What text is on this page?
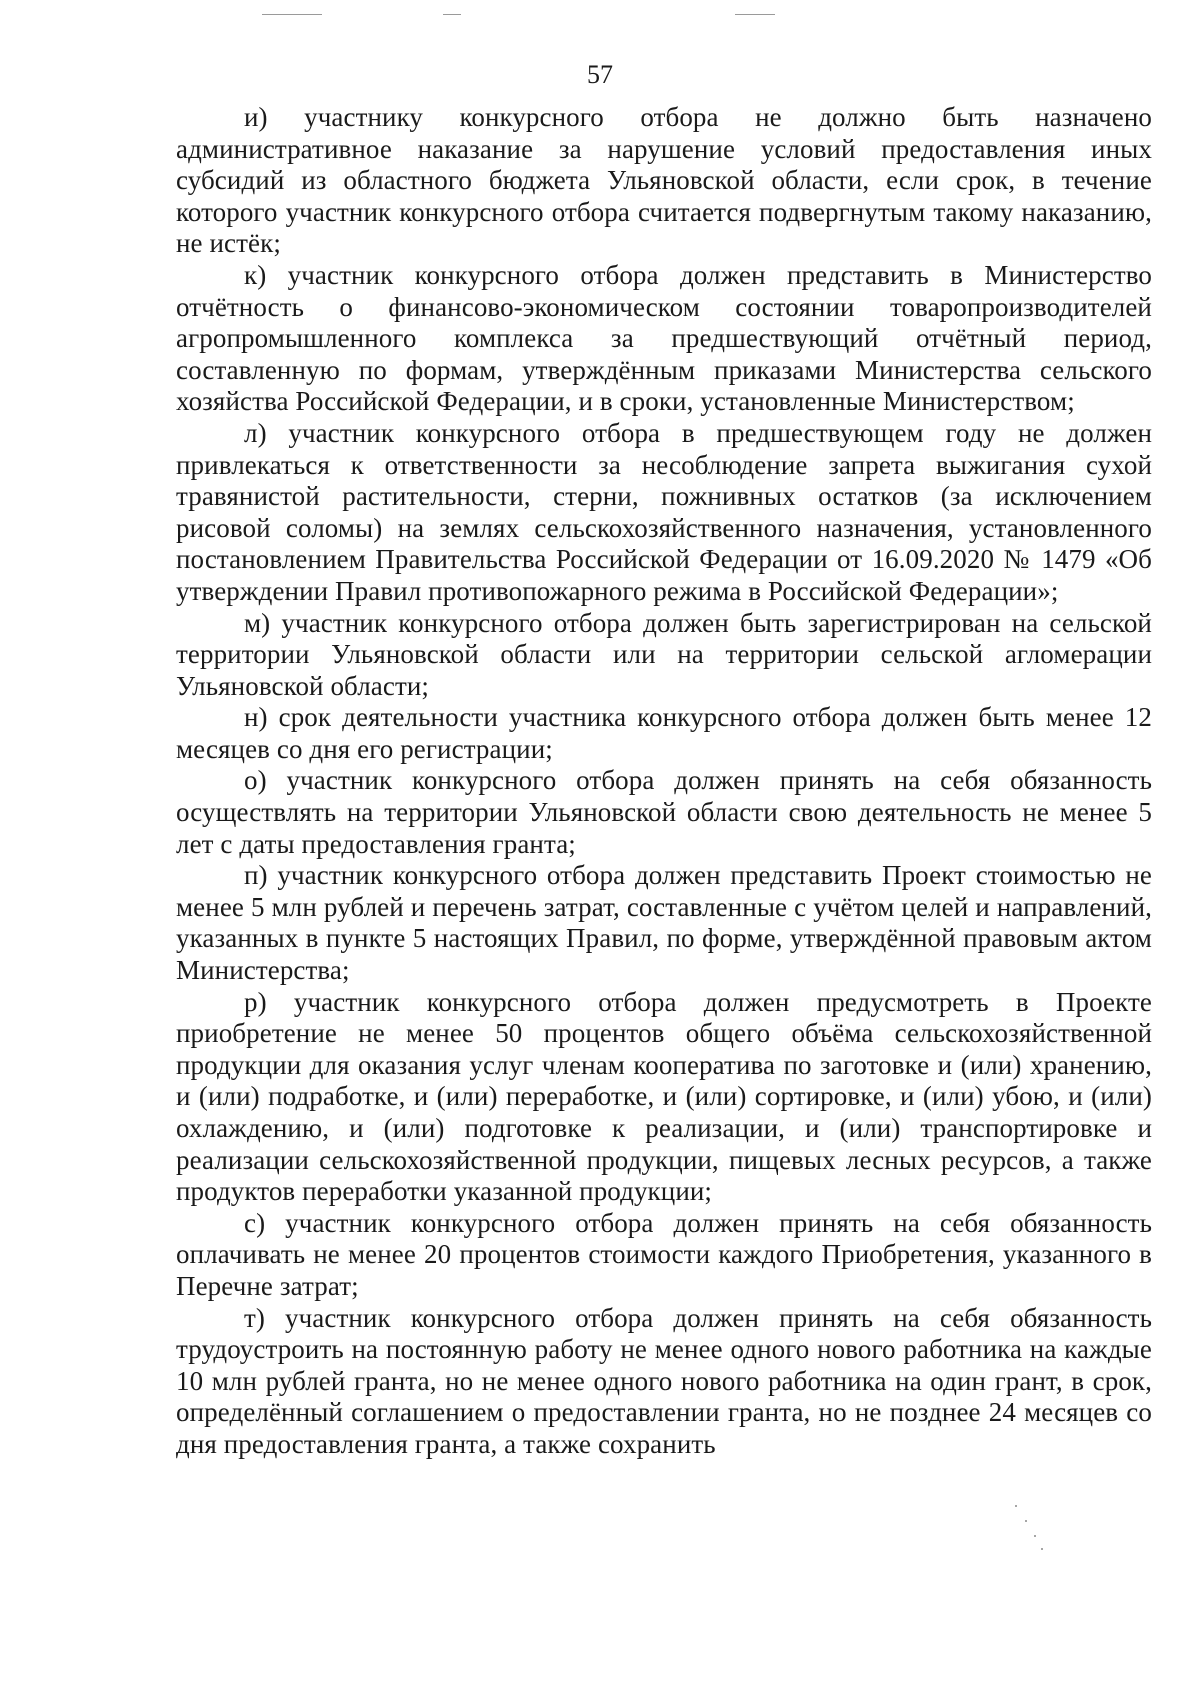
57

и) участнику конкурсного отбора не должно быть назначено административное наказание за нарушение условий предоставления иных субсидий из областного бюджета Ульяновской области, если срок, в течение которого участник конкурсного отбора считается подвергнутым такому наказанию, не истёк;

к) участник конкурсного отбора должен представить в Министерство отчётность о финансово-экономическом состоянии товаропроизводителей агропромышленного комплекса за предшествующий отчётный период, составленную по формам, утверждённым приказами Министерства сельского хозяйства Российской Федерации, и в сроки, установленные Министерством;

л) участник конкурсного отбора в предшествующем году не должен привлекаться к ответственности за несоблюдение запрета выжигания сухой травянистой растительности, стерни, пожнивных остатков (за исключением рисовой соломы) на землях сельскохозяйственного назначения, установленного постановлением Правительства Российской Федерации от 16.09.2020 № 1479 «Об утверждении Правил противопожарного режима в Российской Федерации»;

м) участник конкурсного отбора должен быть зарегистрирован на сельской территории Ульяновской области или на территории сельской агломерации Ульяновской области;

н) срок деятельности участника конкурсного отбора должен быть менее 12 месяцев со дня его регистрации;

о) участник конкурсного отбора должен принять на себя обязанность осуществлять на территории Ульяновской области свою деятельность не менее 5 лет с даты предоставления гранта;

п) участник конкурсного отбора должен представить Проект стоимостью не менее 5 млн рублей и перечень затрат, составленные с учётом целей и направлений, указанных в пункте 5 настоящих Правил, по форме, утверждённой правовым актом Министерства;

р) участник конкурсного отбора должен предусмотреть в Проекте приобретение не менее 50 процентов общего объёма сельскохозяйственной продукции для оказания услуг членам кооператива по заготовке и (или) хранению, и (или) подработке, и (или) переработке, и (или) сортировке, и (или) убою, и (или) охлаждению, и (или) подготовке к реализации, и (или) транспортировке и реализации сельскохозяйственной продукции, пищевых лесных ресурсов, а также продуктов переработки указанной продукции;

с) участник конкурсного отбора должен принять на себя обязанность оплачивать не менее 20 процентов стоимости каждого Приобретения, указанного в Перечне затрат;

т) участник конкурсного отбора должен принять на себя обязанность трудоустроить на постоянную работу не менее одного нового работника на каждые 10 млн рублей гранта, но не менее одного нового работника на один грант, в срок, определённый соглашением о предоставлении гранта, но не позднее 24 месяцев со дня предоставления гранта, а также сохранить
